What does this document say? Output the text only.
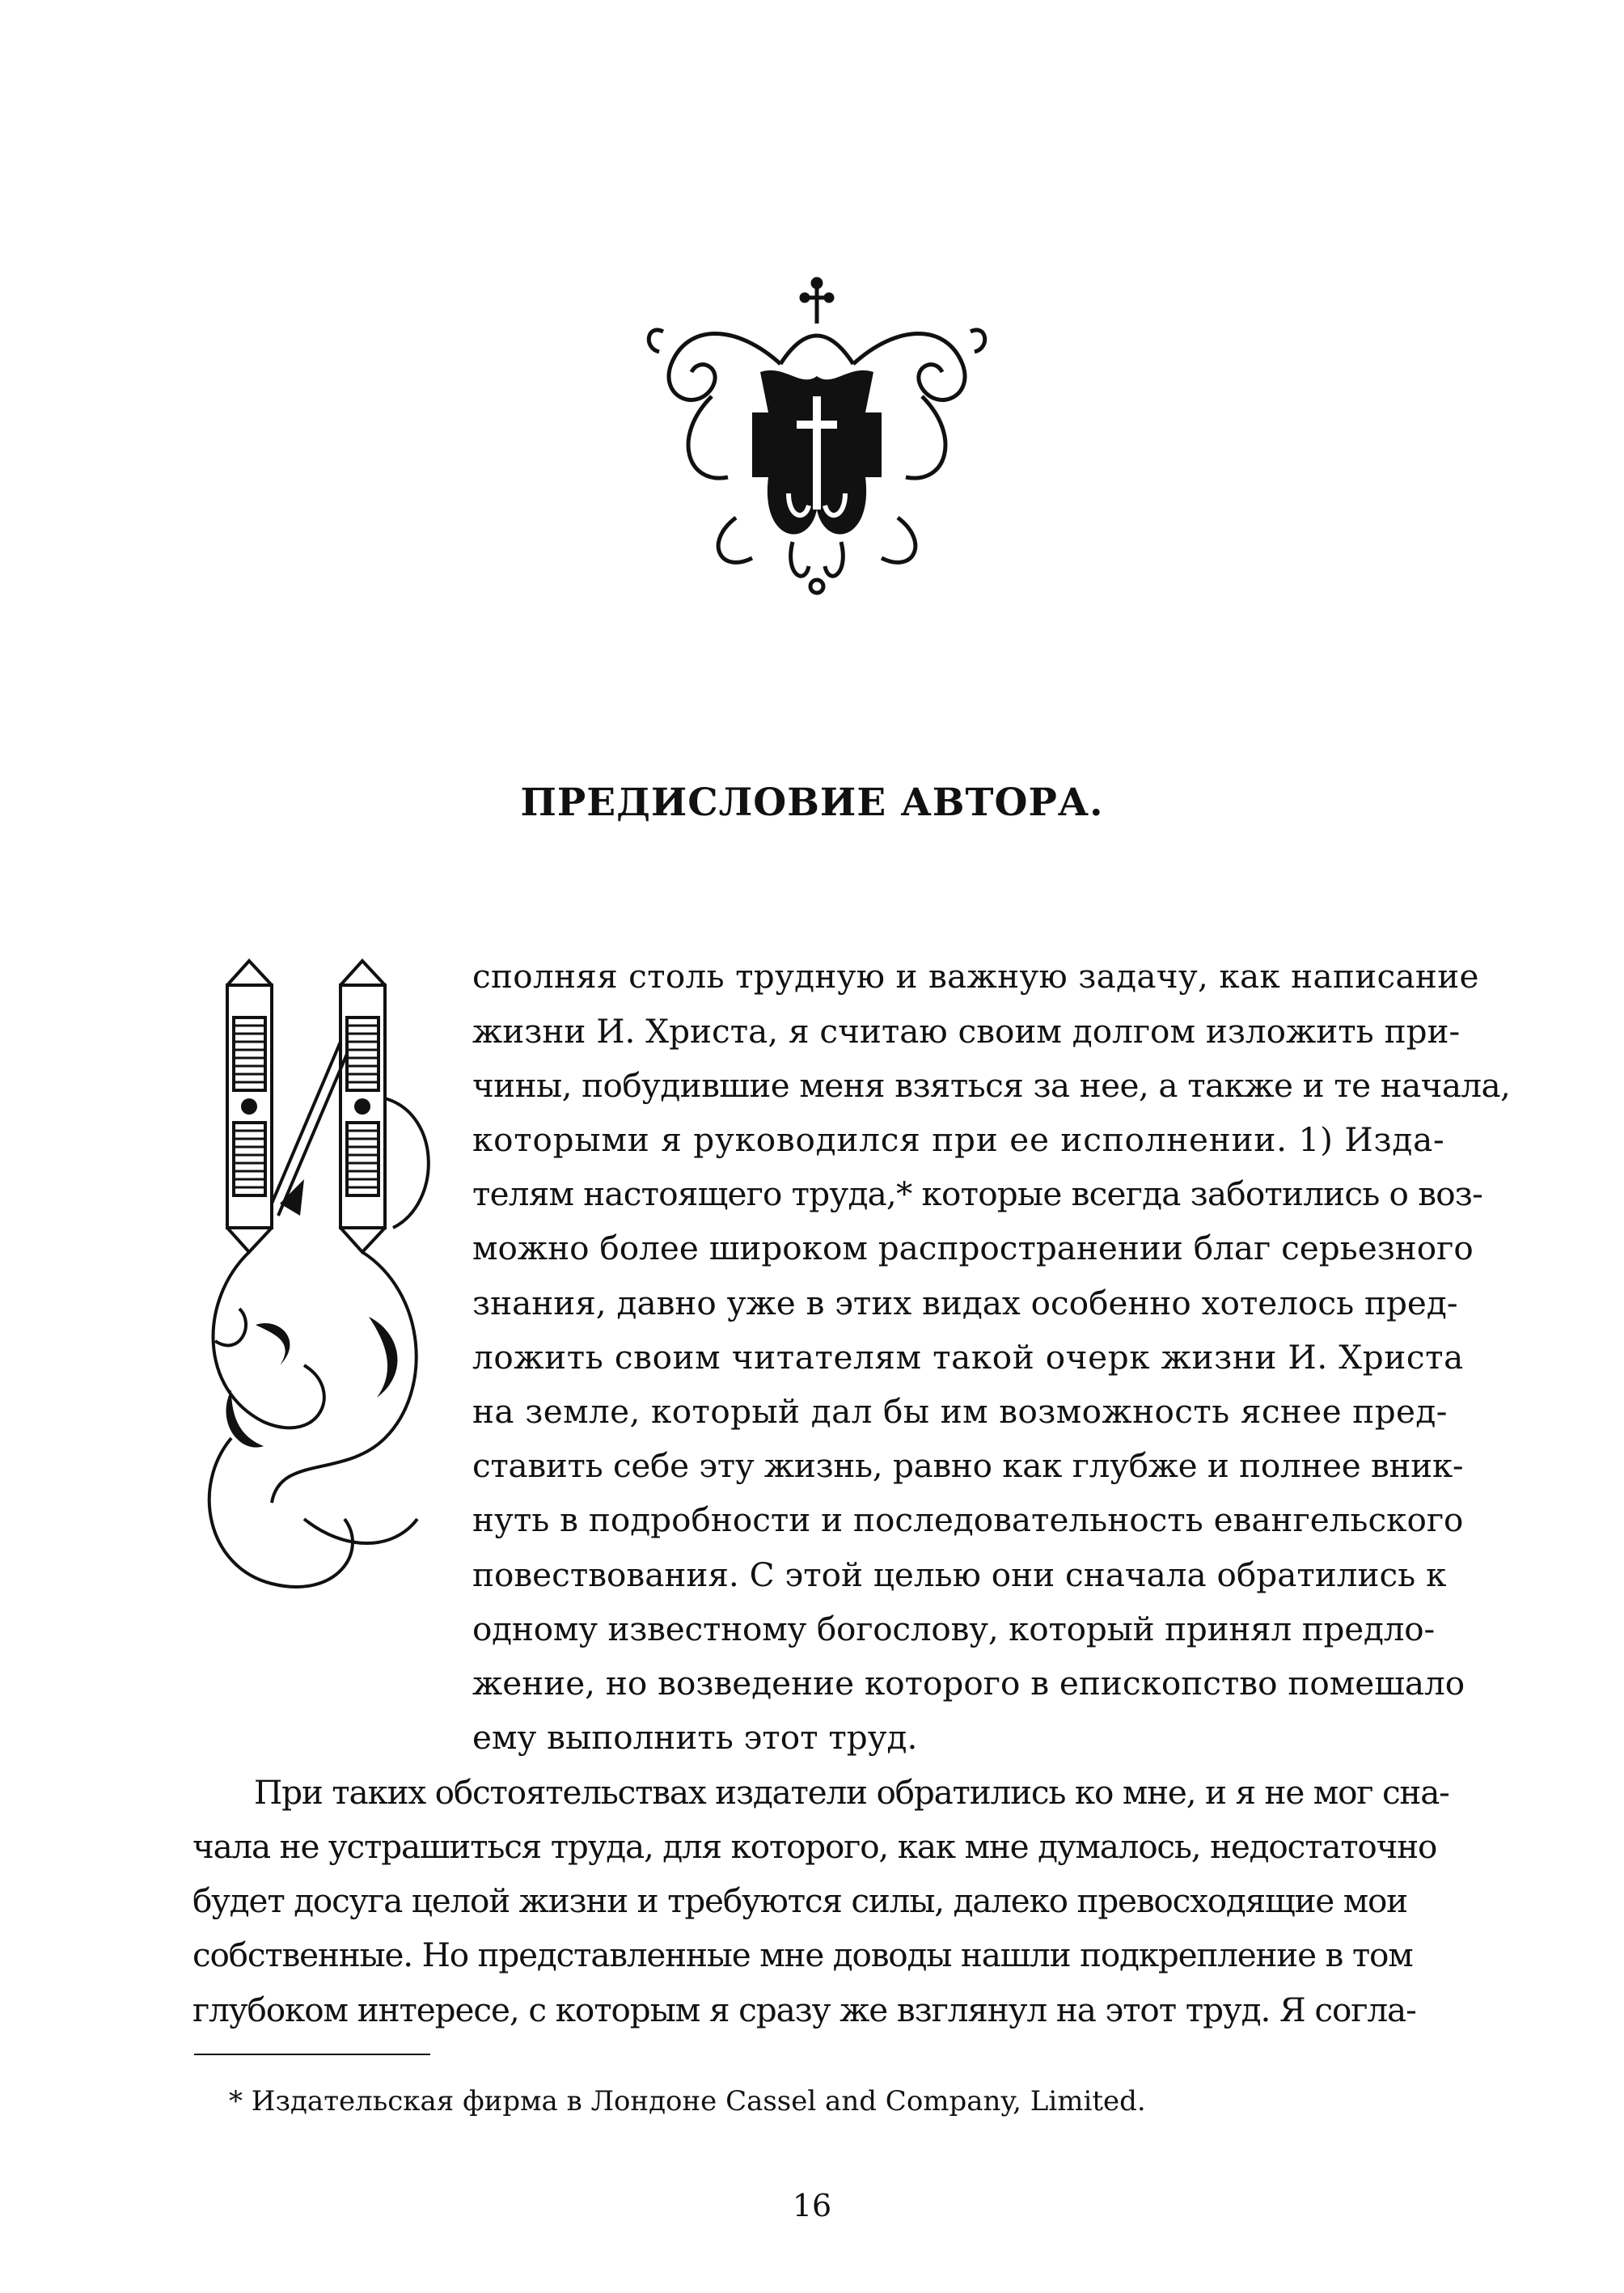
ПРЕДИСЛОВИЕ АВТОРА.
сполняя столь трудную и важную задачу, как написание
жизни И. Христа, я считаю своим долгом изложить при-
чины, побудившие меня взяться за нее, а также и те начала,
которыми я руководился при ее исполнении. 1) Изда-
телям настоящего труда,* которые всегда заботились о воз-
можно более широком распространении благ серьезного
знания, давно уже в этих видах особенно хотелось пред-
ложить своим читателям такой очерк жизни И. Христа
на земле, который дал бы им возможность яснее пред-
ставить себе эту жизнь, равно как глубже и полнее вник-
нуть в подробности и последовательность евангельского
повествования. С этой целью они сначала обратились к
одному известному богослову, который принял предло-
жение, но возведение которого в епископство помешало
ему выполнить этот труд.
При таких обстоятельствах издатели обратились ко мне, и я не мог сна-
чала не устрашиться труда, для которого, как мне думалось, недостаточно
будет досуга целой жизни и требуются силы, далеко превосходящие мои
собственные. Но представленные мне доводы нашли подкрепление в том
глубоком интересе, с которым я сразу же взглянул на этот труд. Я согла-
* Издательская фирма в Лондоне Cassel and Company, Limited.
16
